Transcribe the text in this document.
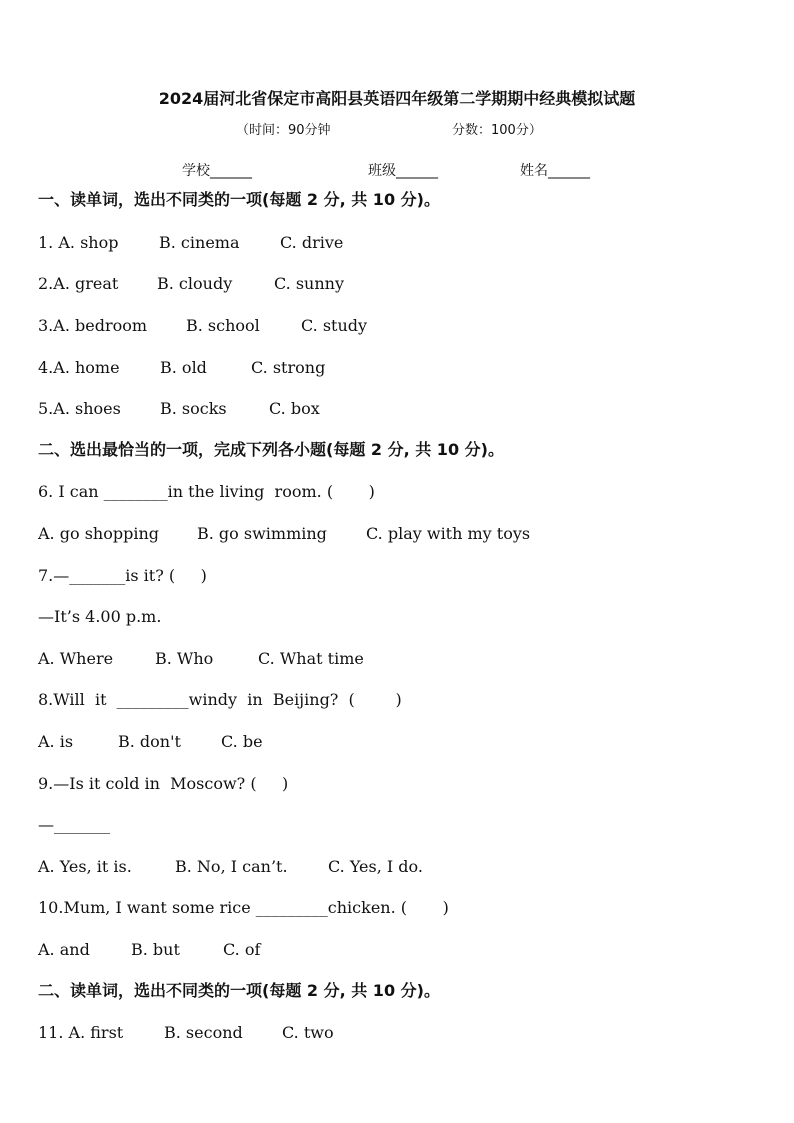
2024届河北省保定市高阳县英语四年级第二学期期中经典模拟试题
（时间：90分钟	分数：100分）
学校______	班级______	姓名______
一、读单词，选出不同类的一项(每题 2 分, 共 10 分)。
1. A. shop	B. cinema	C. drive
2.A. great B. cloudy	C. sunny
3.A. bedroom B. school	C. study
4.A. home	B. old	C. strong
5.A. shoes B. socks	C. box
二、选出最恰当的一项，完成下列各小题(每题 2 分, 共 10 分)。
6. I can ________in the living  room. (       )
A. go shopping B. go swimming C. play with my toys
7.—_______is it? (     )
—It’s 4.00 p.m.
A. Where	B. Who	C. What time
8.Will  it  _________windy  in  Beijing?  (        )
A. is	B. don't	C. be
9.—Is it cold in  Moscow? (     )
—_______
A. Yes, it is.	B. No, I can’t.	C. Yes, I do.
10.Mum, I want some rice _________chicken. (       )
A. and	B. but	C. of
二、读单词，选出不同类的一项(每题 2 分, 共 10 分)。
11. A. first	B. second C. two
